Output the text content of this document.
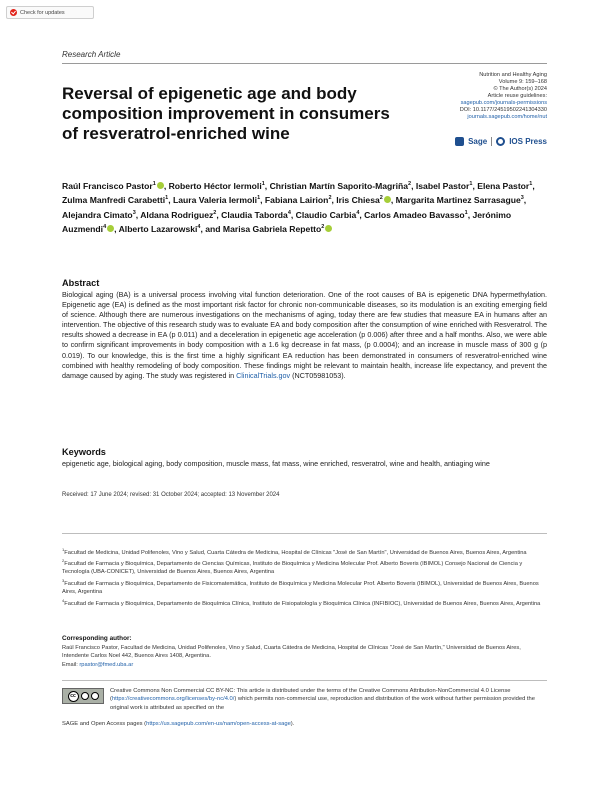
Check for updates
Research Article
Reversal of epigenetic age and body composition improvement in consumers of resveratrol-enriched wine
Nutrition and Healthy Aging
Volume 9: 159–168
© The Author(s) 2024
Article reuse guidelines:
sagepub.com/journals-permissions
DOI: 10.1177/24519502241304330
journals.sagepub.com/home/nut
Sage	IOS Press
Raúl Francisco Pastor$^1$ , Roberto Héctor Iermoli$^1$, Christian Martín Saporito-Magriña$^2$, Isabel Pastor$^1$, Elena Pastor$^1$, Zulma Manfredi Carabetti$^1$, Laura Valeria Iermoli$^1$, Fabiana Lairion$^2$, Iris Chiesa$^2$ , Margarita Martinez Sarrasague$^3$, Alejandra Cimato$^3$, Aldana Rodriguez$^2$, Claudia Taborda$^4$, Claudio Carbia$^4$, Carlos Amadeo Bavasso$^1$, Jerónimo Auzmendi$^4$ , Alberto Lazarowski$^4$, and Marisa Gabriela Repetto$^2$
Abstract

Biological aging (BA) is a universal process involving vital function deterioration. One of the root causes of BA is epigenetic DNA hypermethylation. Epigenetic age (EA) is defined as the most important risk factor for chronic non-communicable diseases, so its modulation is an exciting emerging field of science. Although there are numerous investigations on the mechanisms of aging, today there are few studies that measure EA in humans after an intervention. The objective of this research study was to evaluate EA and body composition after the consumption of wine enriched with Resveratrol. The results showed a decrease in EA (p 0.011) and a deceleration in epigenetic age acceleration (p 0.006) after three and a half months. Also, we were able to confirm significant improvements in body composition with a 1.6 kg decrease in fat mass, (p 0.0004); and an increase in muscle mass of 300 g (p 0.019). To our knowledge, this is the first time a highly significant EA reduction has been demonstrated in consumers of resveratrol-enriched wine combined with healthy remodeling of body composition. These findings might be relevant to maintain health, increase life expectancy, and prevent the damage caused by aging. The study was registered in ClinicalTrials.gov (NCT05981053).

Keywords

epigenetic age, biological aging, body composition, muscle mass, fat mass, wine enriched, resveratrol, wine and health, antiaging wine

Received: 17 June 2024; revised: 31 October 2024; accepted: 13 November 2024

$^1$Facultad de Medicina, Unidad Polifenoles, Vino y Salud, Cuarta Cátedra de Medicina, Hospital de Clínicas "José de San Martín", Universidad de Buenos Aires, Buenos Aires, Argentina

$^2$Facultad de Farmacia y Bioquímica, Departamento de Ciencias Químicas, Instituto de Bioquímica y Medicina Molecular Prof. Alberto Boveris (IBIMOL) Consejo Nacional de Ciencia y Tecnología (UBA-CONICET), Universidad de Buenos Aires, Buenos Aires, Argentina

$^3$Facultad de Farmacia y Bioquímica, Departamento de Fisicomatemática, Instituto de Bioquímica y Medicina Molecular Prof. Alberto Boveris (IBIMOL), Universidad de Buenos Aires, Buenos Aires, Argentina

$^4$Facultad de Farmacia y Bioquímica, Departamento de Bioquímica Clínica, Instituto de Fisiopatología y Bioquímica Clínica (INFIBIOC), Universidad de Buenos Aires, Buenos Aires, Argentina

Corresponding author:
Raúl Francisco Pastor, Facultad de Medicina, Unidad Polifenoles, Vino y Salud, Cuarta Cátedra de Medicina, Hospital de Clínicas "José de San Martín," Universidad de Buenos Aires, Intendente Carlos Noel 442, Buenos Aires 1408, Argentina.
Email: rpastor@fmed.uba.ar
cc

Creative Commons Non Commercial CC BY-NC: This article is distributed under the terms of the Creative Commons Attribution-NonCommercial 4.0 License (https://creativecommons.org/licenses/by-nc/4.0/) which permits non-commercial use, reproduction and distribution of the work without further permission provided the original work is attributed as specified on the

SAGE and Open Access pages (https://us.sagepub.com/en-us/nam/open-access-at-sage).
